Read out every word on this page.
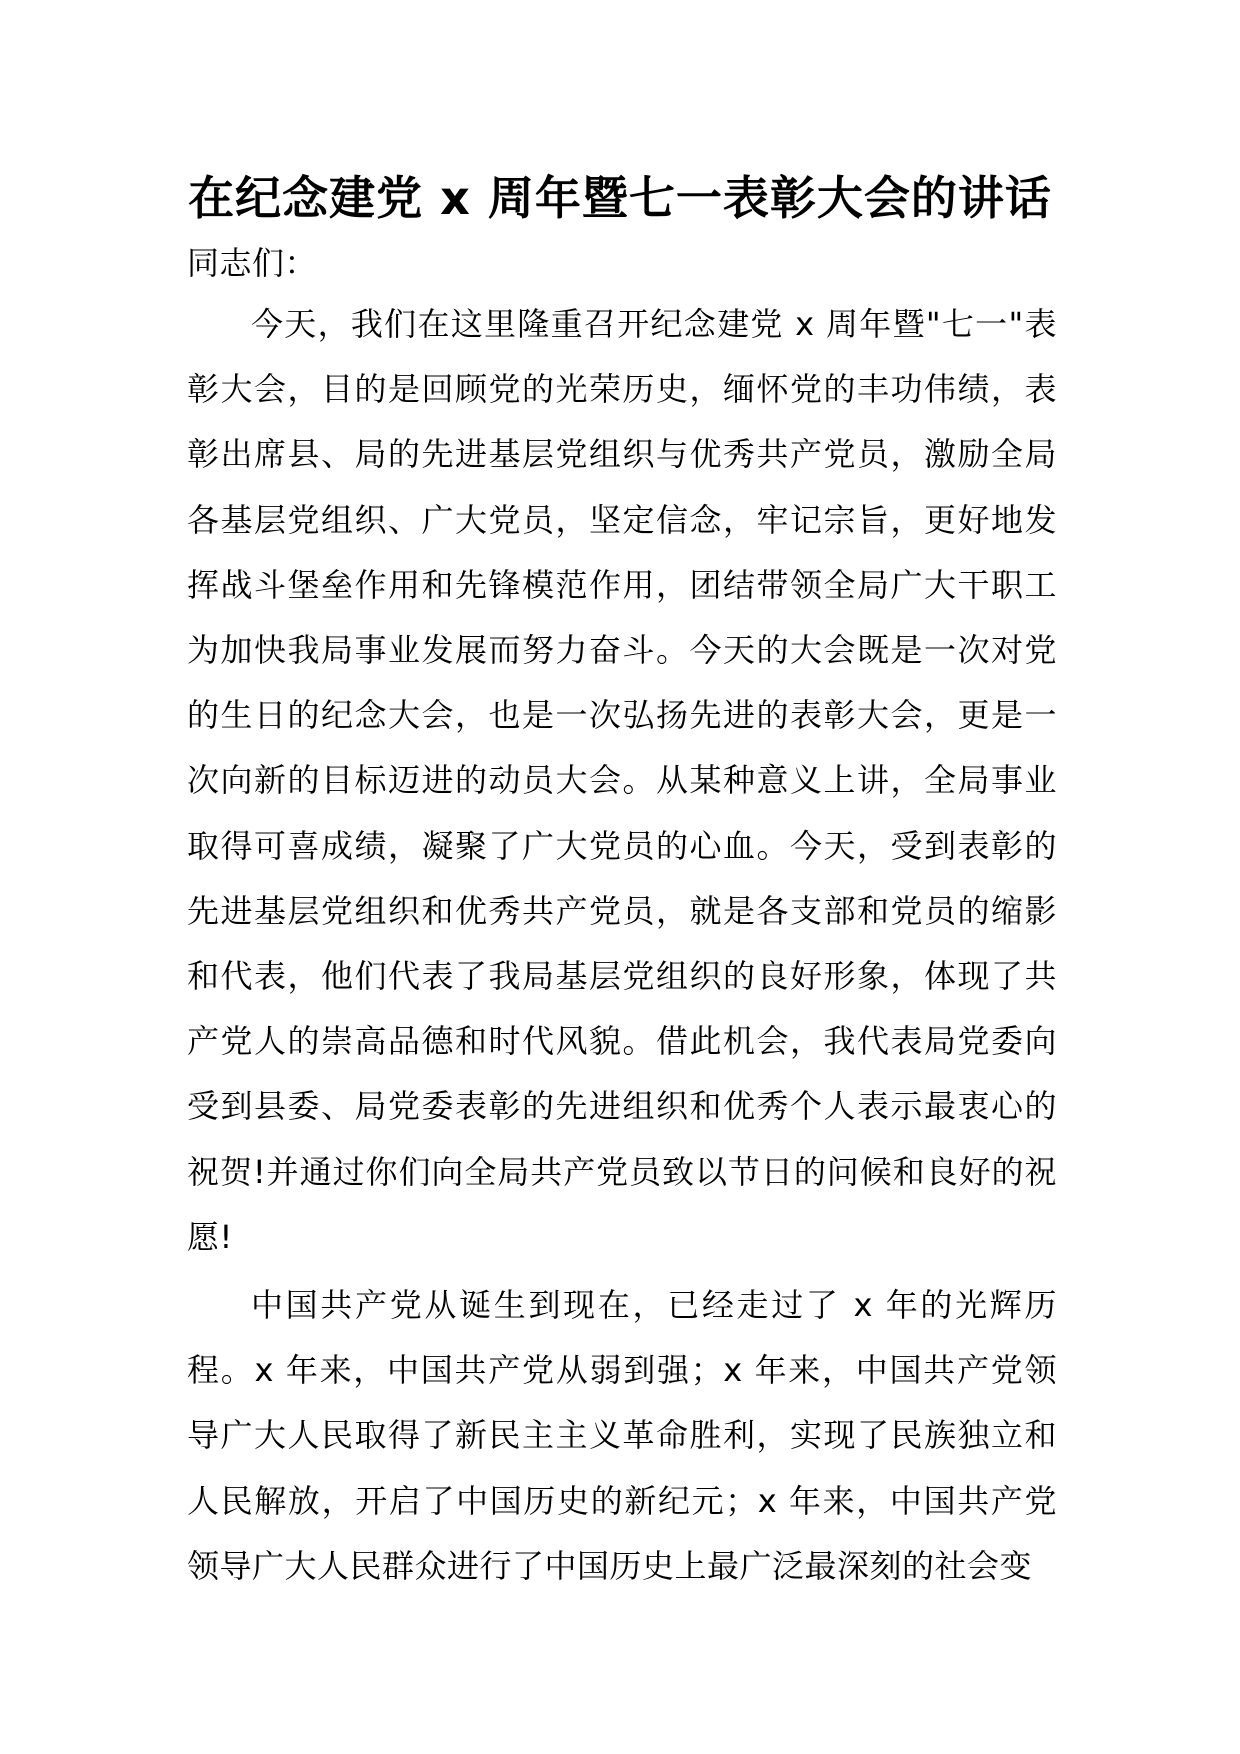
在纪念建党 x 周年暨七一表彰大会的讲话
同志们：
今天，我们在这里隆重召开纪念建党 x 周年暨"七一"表彰大会，目的是回顾党的光荣历史，缅怀党的丰功伟绩，表彰出席县、局的先进基层党组织与优秀共产党员，激励全局各基层党组织、广大党员，坚定信念，牢记宗旨，更好地发挥战斗堡垒作用和先锋模范作用，团结带领全局广大干职工为加快我局事业发展而努力奋斗。今天的大会既是一次对党的生日的纪念大会，也是一次弘扬先进的表彰大会，更是一次向新的目标迈进的动员大会。从某种意义上讲，全局事业取得可喜成绩，凝聚了广大党员的心血。今天，受到表彰的先进基层党组织和优秀共产党员，就是各支部和党员的缩影和代表，他们代表了我局基层党组织的良好形象，体现了共产党人的崇高品德和时代风貌。借此机会，我代表局党委向受到县委、局党委表彰的先进组织和优秀个人表示最衷心的祝贺!并通过你们向全局共产党员致以节日的问候和良好的祝愿!
中国共产党从诞生到现在，已经走过了 x 年的光辉历程。x 年来，中国共产党从弱到强；x 年来，中国共产党领导广大人民取得了新民主主义革命胜利，实现了民族独立和人民解放，开启了中国历史的新纪元；x 年来，中国共产党领导广大人民群众进行了中国历史上最广泛最深刻的社会变
